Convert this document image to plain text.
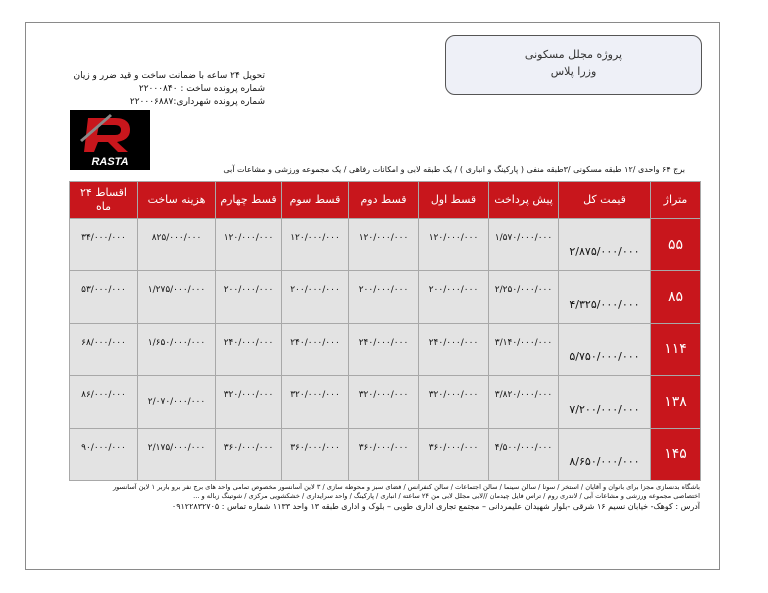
پروژه مجلل مسکونی
وزرا پلاس
تحویل ۲۴ ساعه با ضمانت ساخت و قید ضرر و زیان
شماره پرونده ساخت : ۲۲۰۰۰۸۴۰
شماره پرونده شهرداری:۲۲۰۰۰۶۸۸۷
RASTA
برج ۶۴ واحدی /۱۲ طبقه مسکونی /۳طبقه منفی ( پارکینگ و انباری ) / یک طبقه لابی و امکانات رفاهی / یک مجموعه ورزشی و مشاعات آبی
متراژ	قیمت کل	پیش پرداخت	قسط اول	قسط دوم	قسط سوم	قسط چهارم	هزینه ساخت	اقساط ۲۴ ماه
۵۵	۲/۸۷۵/۰۰۰/۰۰۰	۱/۵۷۰/۰۰۰/۰۰۰	۱۲۰/۰۰۰/۰۰۰	۱۲۰/۰۰۰/۰۰۰	۱۲۰/۰۰۰/۰۰۰	۱۲۰/۰۰۰/۰۰۰	۸۲۵/۰۰۰/۰۰۰	۳۴/۰۰۰/۰۰۰
۸۵	۴/۳۲۵/۰۰۰/۰۰۰	۲/۲۵۰/۰۰۰/۰۰۰	۲۰۰/۰۰۰/۰۰۰	۲۰۰/۰۰۰/۰۰۰	۲۰۰/۰۰۰/۰۰۰	۲۰۰/۰۰۰/۰۰۰	۱/۲۷۵/۰۰۰/۰۰۰	۵۳/۰۰۰/۰۰۰
۱۱۴	۵/۷۵۰/۰۰۰/۰۰۰	۳/۱۴۰/۰۰۰/۰۰۰	۲۴۰/۰۰۰/۰۰۰	۲۴۰/۰۰۰/۰۰۰	۲۴۰/۰۰۰/۰۰۰	۲۴۰/۰۰۰/۰۰۰	۱/۶۵۰/۰۰۰/۰۰۰	۶۸/۰۰۰/۰۰۰
۱۳۸	۷/۲۰۰/۰۰۰/۰۰۰	۳/۸۲۰/۰۰۰/۰۰۰	۳۲۰/۰۰۰/۰۰۰	۳۲۰/۰۰۰/۰۰۰	۳۲۰/۰۰۰/۰۰۰	۳۲۰/۰۰۰/۰۰۰	۲/۰۷۰/۰۰۰/۰۰۰	۸۶/۰۰۰/۰۰۰
۱۴۵	۸/۶۵۰/۰۰۰/۰۰۰	۴/۵۰۰/۰۰۰/۰۰۰	۳۶۰/۰۰۰/۰۰۰	۳۶۰/۰۰۰/۰۰۰	۳۶۰/۰۰۰/۰۰۰	۳۶۰/۰۰۰/۰۰۰	۲/۱۷۵/۰۰۰/۰۰۰	۹۰/۰۰۰/۰۰۰
باشگاه بدنسازی مجزا برای بانوان و آقایان / استخر / سونا / سالن سینما / سالن اجتماعات / سالن کنفرانس / فضای سبز و محوطه سازی / ۳ لاین آسانسور مخصوص تمامی واحد های برج نفر برو باربر ۱ لاین آسانسور
اختصاصی مجموعه ورزشی و مشاعات آبی / لاندری روم / تراس فایل چیدمان //لابی مجلل لابی من ۲۴ ساعته / انباری / پارکینگ / واحد سرایداری / خشکشویی مرکزی / شوتینگ زباله و ...
آدرس : کوهک- خیابان نسیم ۱۶ شرقی -بلوار شهیدان علیمردانی – مجتمع تجاری اداری طوبی – بلوک و اداری طبقه ۱۳ واحد ۱۱۳۳ شماره تماس : ۰۹۱۲۲۸۳۲۷۰۵
